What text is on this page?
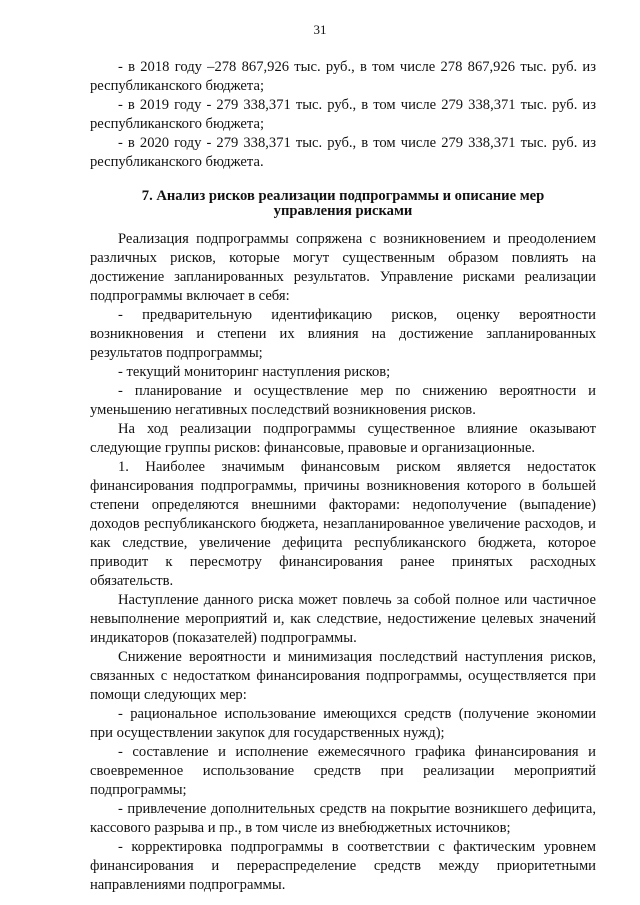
31

- в 2018 году –278 867,926 тыс. руб., в том числе 278 867,926 тыс. руб. из республиканского бюджета;

- в 2019 году - 279 338,371 тыс. руб., в том числе 279 338,371 тыс. руб. из республиканского бюджета;

- в 2020 году - 279 338,371 тыс. руб., в том числе 279 338,371 тыс. руб. из республиканского бюджета.

7. Анализ рисков реализации подпрограммы и описание мер
управления рисками

Реализация подпрограммы сопряжена с возникновением и преодолением различных рисков, которые могут существенным образом повлиять на достижение запланированных результатов. Управление рисками реализации подпрограммы включает в себя:

- предварительную идентификацию рисков, оценку вероятности возникновения и степени их влияния на достижение запланированных результатов подпрограммы;

- текущий мониторинг наступления рисков;

- планирование и осуществление мер по снижению вероятности и уменьшению негативных последствий возникновения рисков.

На ход реализации подпрограммы существенное влияние оказывают следующие группы рисков: финансовые, правовые и организационные.

1. Наиболее значимым финансовым риском является недостаток финансирования подпрограммы, причины возникновения которого в большей степени определяются внешними факторами: недополучение (выпадение) доходов республиканского бюджета, незапланированное увеличение расходов, и как следствие, увеличение дефицита республиканского бюджета, которое приводит к пересмотру финансирования ранее принятых расходных обязательств.

Наступление данного риска может повлечь за собой полное или частичное невыполнение мероприятий и, как следствие, недостижение целевых значений индикаторов (показателей) подпрограммы.

Снижение вероятности и минимизация последствий наступления рисков, связанных с недостатком финансирования подпрограммы, осуществляется при помощи следующих мер:

- рациональное использование имеющихся средств (получение экономии при осуществлении закупок для государственных нужд);

- составление и исполнение ежемесячного графика финансирования и своевременное использование средств при реализации мероприятий подпрограммы;

- привлечение дополнительных средств на покрытие возникшего дефицита, кассового разрыва и пр., в том числе из внебюджетных источников;

- корректировка подпрограммы в соответствии с фактическим уровнем финансирования и перераспределение средств между приоритетными направлениями подпрограммы.
